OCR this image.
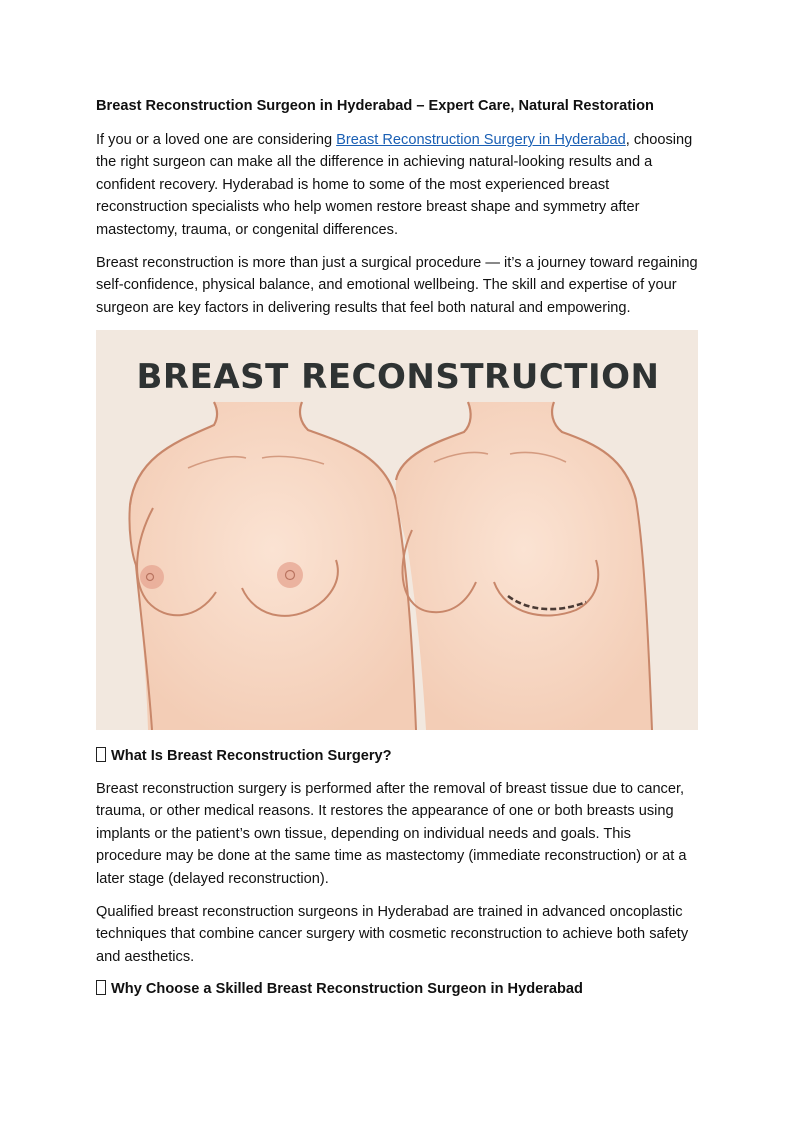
Breast Reconstruction Surgeon in Hyderabad – Expert Care, Natural Restoration

If you or a loved one are considering Breast Reconstruction Surgery in Hyderabad, choosing the right surgeon can make all the difference in achieving natural-looking results and a confident recovery. Hyderabad is home to some of the most experienced breast reconstruction specialists who help women restore breast shape and symmetry after mastectomy, trauma, or congenital differences.

Breast reconstruction is more than just a surgical procedure — it’s a journey toward regaining self-confidence, physical balance, and emotional wellbeing. The skill and expertise of your surgeon are key factors in delivering results that feel both natural and empowering.

BREAST RECONSTRUCTION

What Is Breast Reconstruction Surgery?

Breast reconstruction surgery is performed after the removal of breast tissue due to cancer, trauma, or other medical reasons. It restores the appearance of one or both breasts using implants or the patient’s own tissue, depending on individual needs and goals. This procedure may be done at the same time as mastectomy (immediate reconstruction) or at a later stage (delayed reconstruction).

Qualified breast reconstruction surgeons in Hyderabad are trained in advanced oncoplastic techniques that combine cancer surgery with cosmetic reconstruction to achieve both safety and aesthetics.

Why Choose a Skilled Breast Reconstruction Surgeon in Hyderabad
